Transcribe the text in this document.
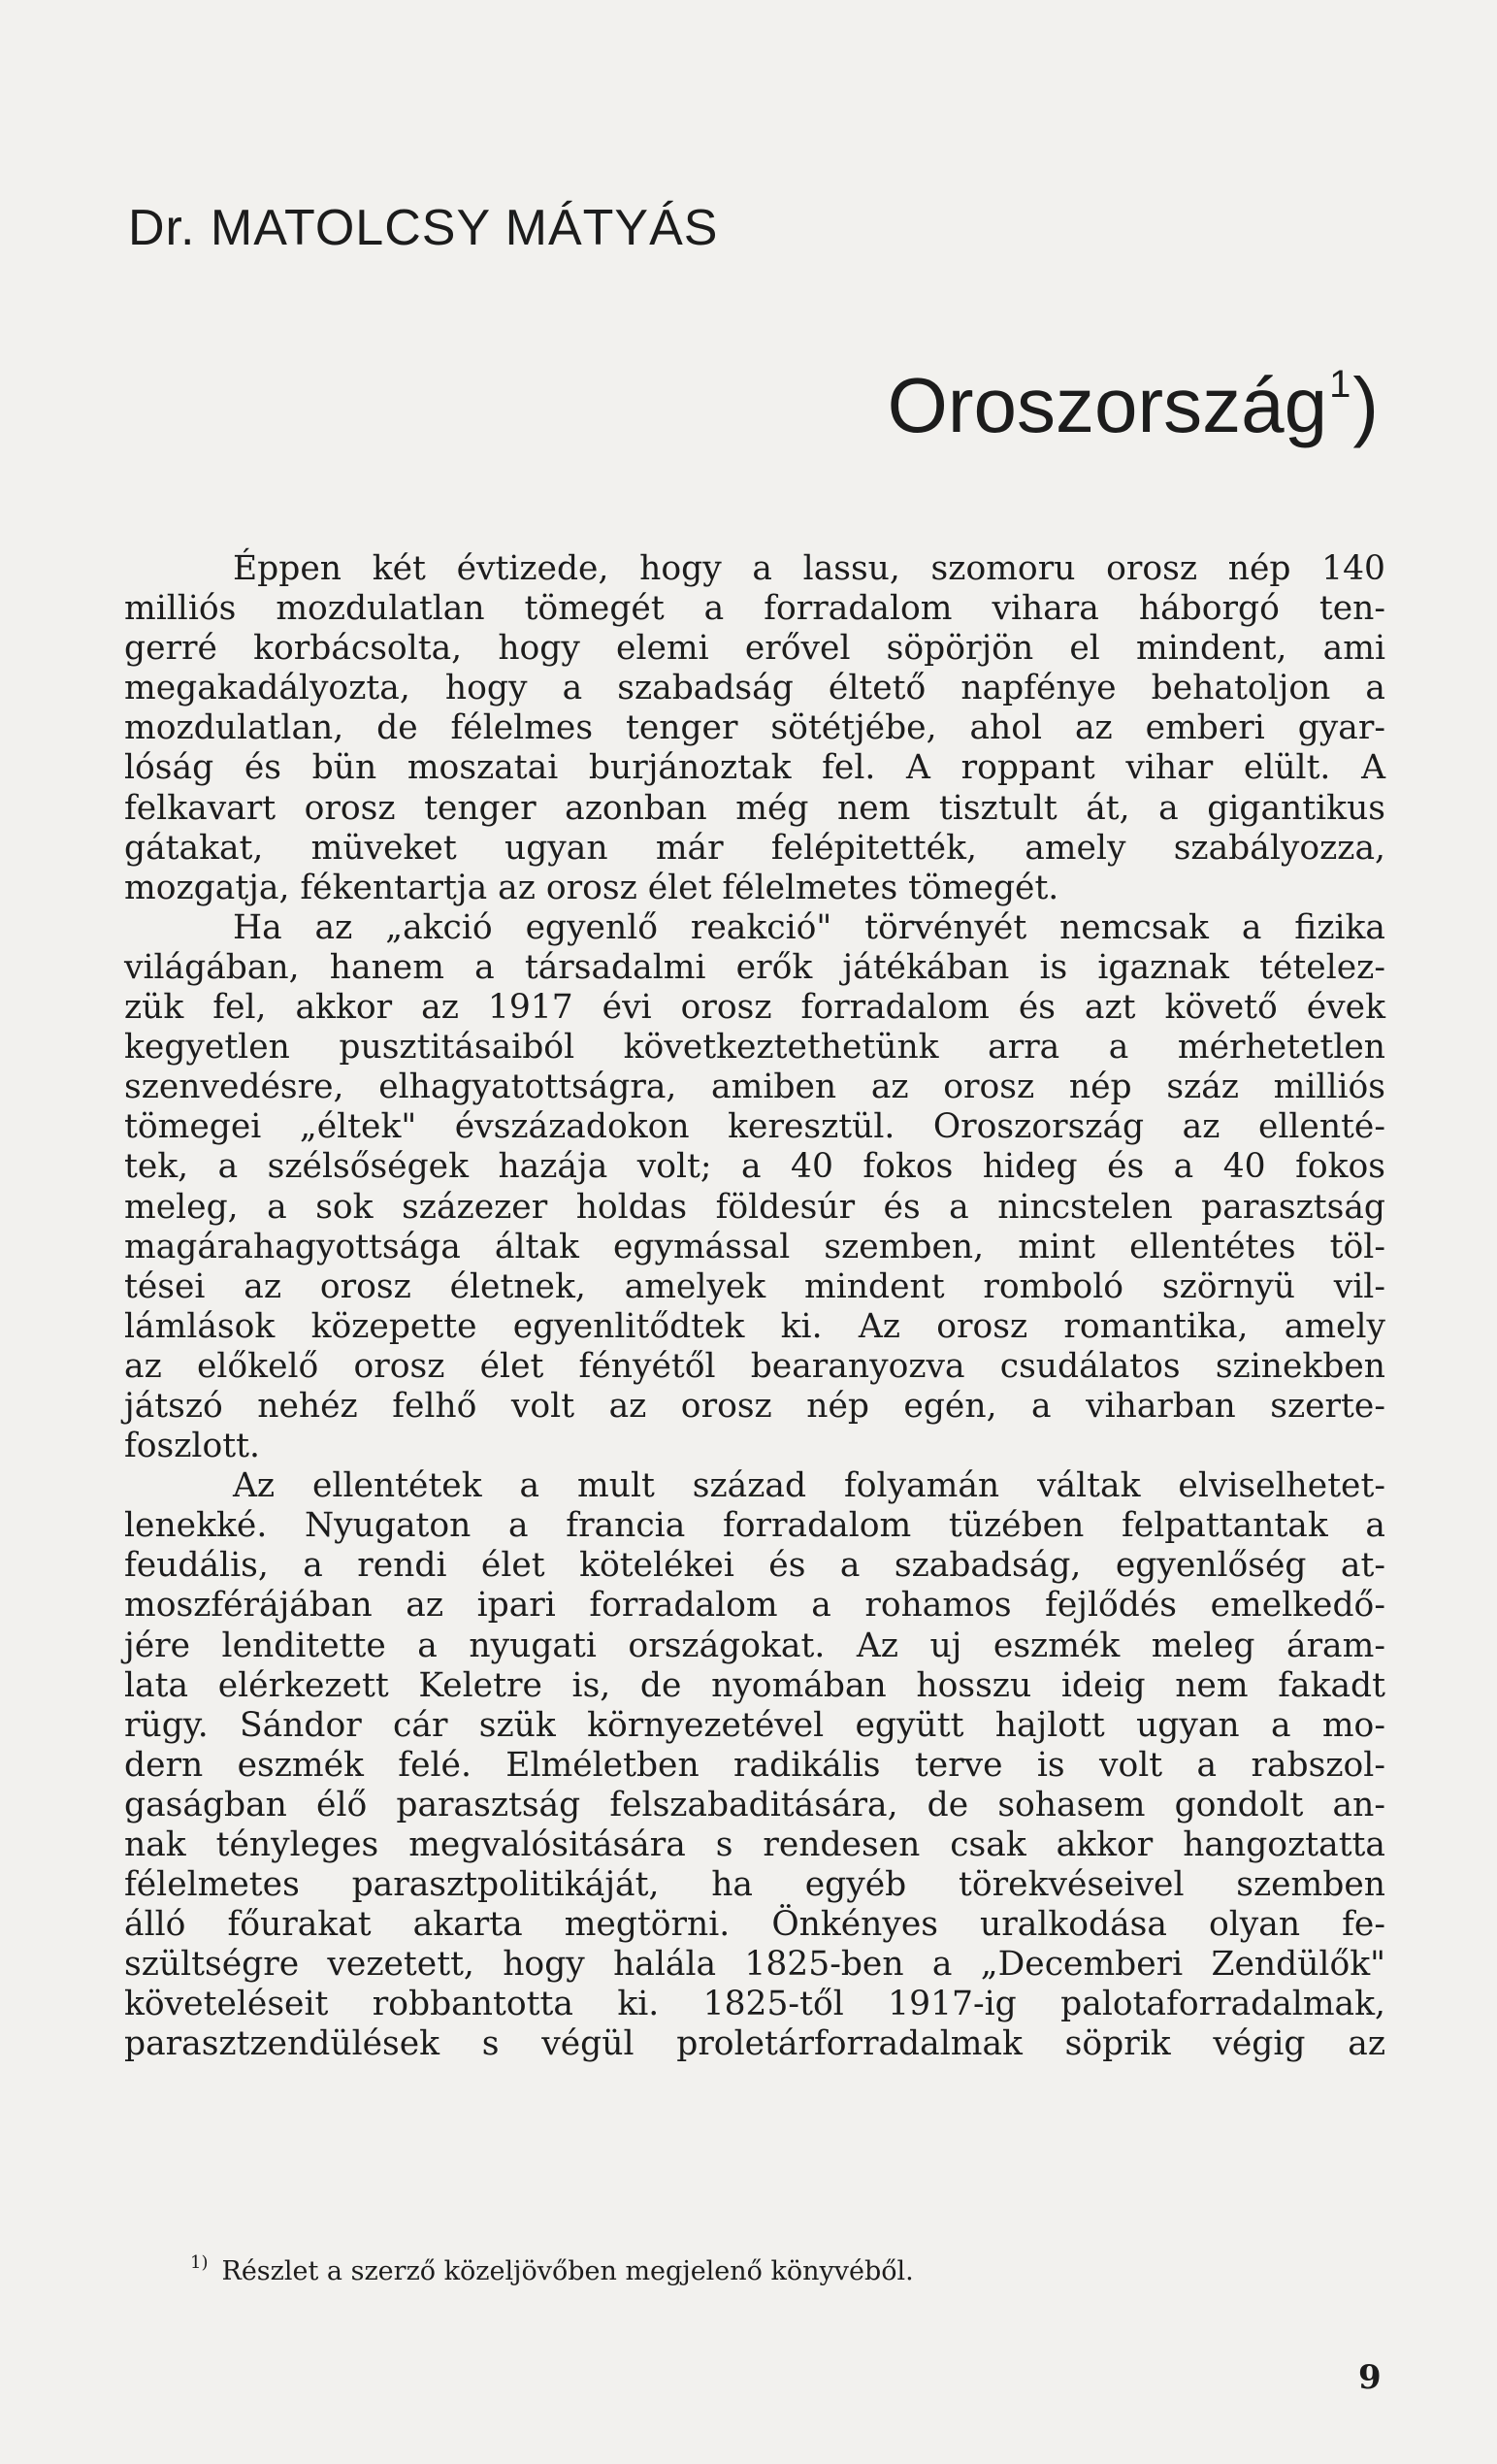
Dr. MATOLCSY MÁTYÁS
Oroszország$^1$)

Éppen két évtizede, hogy a lassu, szomoru orosz nép 140
milliós mozdulatlan tömegét a forradalom vihara háborgó ten-
gerré korbácsolta, hogy elemi erővel söpörjön el mindent, ami
megakadályozta, hogy a szabadság éltető napfénye behatoljon a
mozdulatlan, de félelmes tenger sötétjébe, ahol az emberi gyar-
lóság és bün moszatai burjánoztak fel. A roppant vihar elült. A
felkavart orosz tenger azonban még nem tisztult át, a gigantikus
gátakat, müveket ugyan már felépitették, amely szabályozza,
mozgatja, fékentartja az orosz élet félelmetes tömegét.

Ha az „akció egyenlő reakció" törvényét nemcsak a fizika
világában, hanem a társadalmi erők játékában is igaznak tételez-
zük fel, akkor az 1917 évi orosz forradalom és azt követő évek
kegyetlen pusztitásaiból következtethetünk arra a mérhetetlen
szenvedésre, elhagyatottságra, amiben az orosz nép száz milliós
tömegei „éltek" évszázadokon keresztül. Oroszország az ellenté-
tek, a szélsőségek hazája volt; a 40 fokos hideg és a 40 fokos
meleg, a sok százezer holdas földesúr és a nincstelen parasztság
magárahagyottsága áltak egymással szemben, mint ellentétes töl-
tései az orosz életnek, amelyek mindent romboló szörnyü vil-
lámlások közepette egyenlitődtek ki. Az orosz romantika, amely
az előkelő orosz élet fényétől bearanyozva csudálatos szinekben
játszó nehéz felhő volt az orosz nép egén, a viharban szerte-
foszlott.

Az ellentétek a mult század folyamán váltak elviselhetet-
lenekké. Nyugaton a francia forradalom tüzében felpattantak a
feudális, a rendi élet kötelékei és a szabadság, egyenlőség at-
moszférájában az ipari forradalom a rohamos fejlődés emelkedő-
jére lenditette a nyugati országokat. Az uj eszmék meleg áram-
lata elérkezett Keletre is, de nyomában hosszu ideig nem fakadt
rügy. Sándor cár szük környezetével együtt hajlott ugyan a mo-
dern eszmék felé. Elméletben radikális terve is volt a rabszol-
gaságban élő parasztság felszabaditására, de sohasem gondolt an-
nak tényleges megvalósitására s rendesen csak akkor hangoztatta
félelmetes parasztpolitikáját, ha egyéb törekvéseivel szemben
álló főurakat akarta megtörni. Önkényes uralkodása olyan fe-
szültségre vezetett, hogy halála 1825-ben a „Decemberi Zendülők"
követeléseit robbantotta ki. 1825-től 1917-ig palotaforradalmak,
parasztzendülések s végül proletárforradalmak söprik végig az

$^{1)}$ Részlet a szerző közeljövőben megjelenő könyvéből.
9
